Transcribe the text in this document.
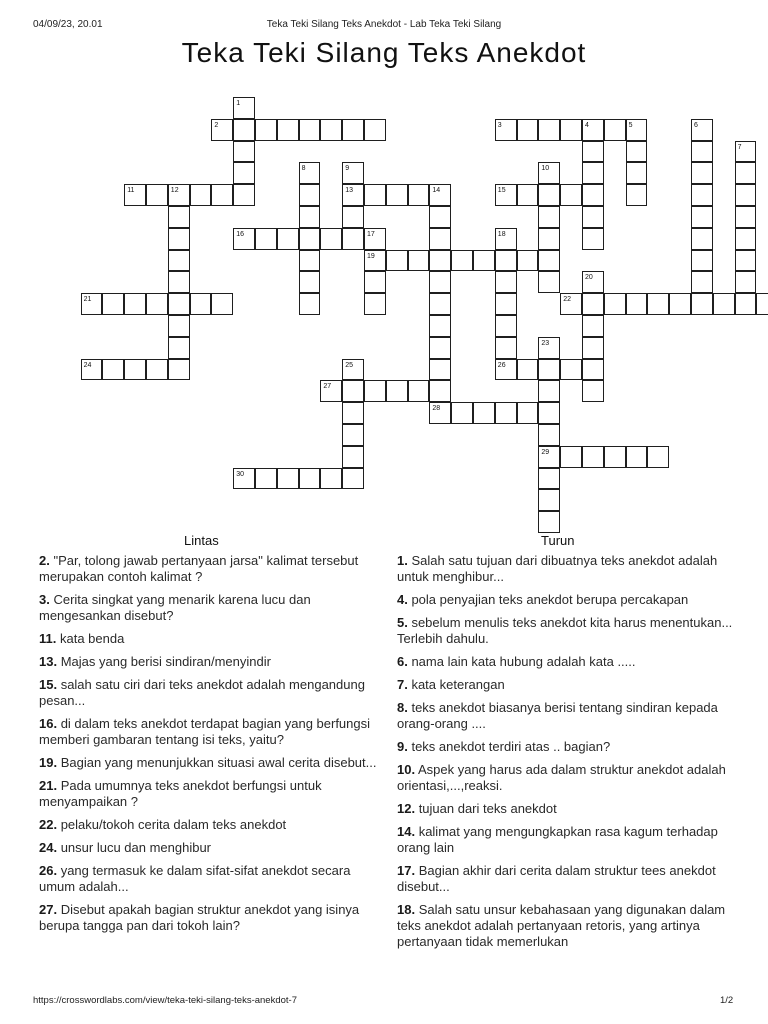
04/09/23, 20.01	Teka Teki Silang Teks Anekdot - Lab Teka Teki Silang
Teka Teki Silang Teks Anekdot
1
2	3	4	5	6
7
8	9
13
10
11	12	14	15
16	17
19
18
20
21	22
23
29
24	25	26
27
28
30
Lintas	Turun
2. "Par, tolong jawab pertanyaan jarsa" kalimat tersebut merupakan contoh kalimat ?
3. Cerita singkat yang menarik karena lucu dan mengesankan disebut?
11. kata benda
13. Majas yang berisi sindiran/menyindir
15. salah satu ciri dari teks anekdot adalah mengandung pesan...
16. di dalam teks anekdot terdapat bagian yang berfungsi memberi gambaran tentang isi teks, yaitu?
19. Bagian yang menunjukkan situasi awal cerita disebut...
21. Pada umumnya teks anekdot berfungsi untuk menyampaikan ?
22. pelaku/tokoh cerita dalam teks anekdot
24. unsur lucu dan menghibur
26. yang termasuk ke dalam sifat-sifat anekdot secara umum adalah...
27. Disebut apakah bagian struktur anekdot yang isinya berupa tangga pan dari tokoh lain?
1. Salah satu tujuan dari dibuatnya teks anekdot adalah untuk menghibur...
4. pola penyajian teks anekdot berupa percakapan
5. sebelum menulis teks anekdot kita harus menentukan... Terlebih dahulu.
6. nama lain kata hubung adalah kata .....
7. kata keterangan
8. teks anekdot biasanya berisi tentang sindiran kepada orang-orang ....
9. teks anekdot terdiri atas .. bagian?
10. Aspek yang harus ada dalam struktur anekdot adalah orientasi,...,reaksi.
12. tujuan dari teks anekdot
14. kalimat yang mengungkapkan rasa kagum terhadap orang lain
17. Bagian akhir dari cerita dalam struktur tees anekdot disebut...
18. Salah satu unsur kebahasaan yang digunakan dalam teks anekdot adalah pertanyaan retoris, yang artinya pertanyaan tidak memerlukan
https://crosswordlabs.com/view/teka-teki-silang-teks-anekdot-7	1/2
